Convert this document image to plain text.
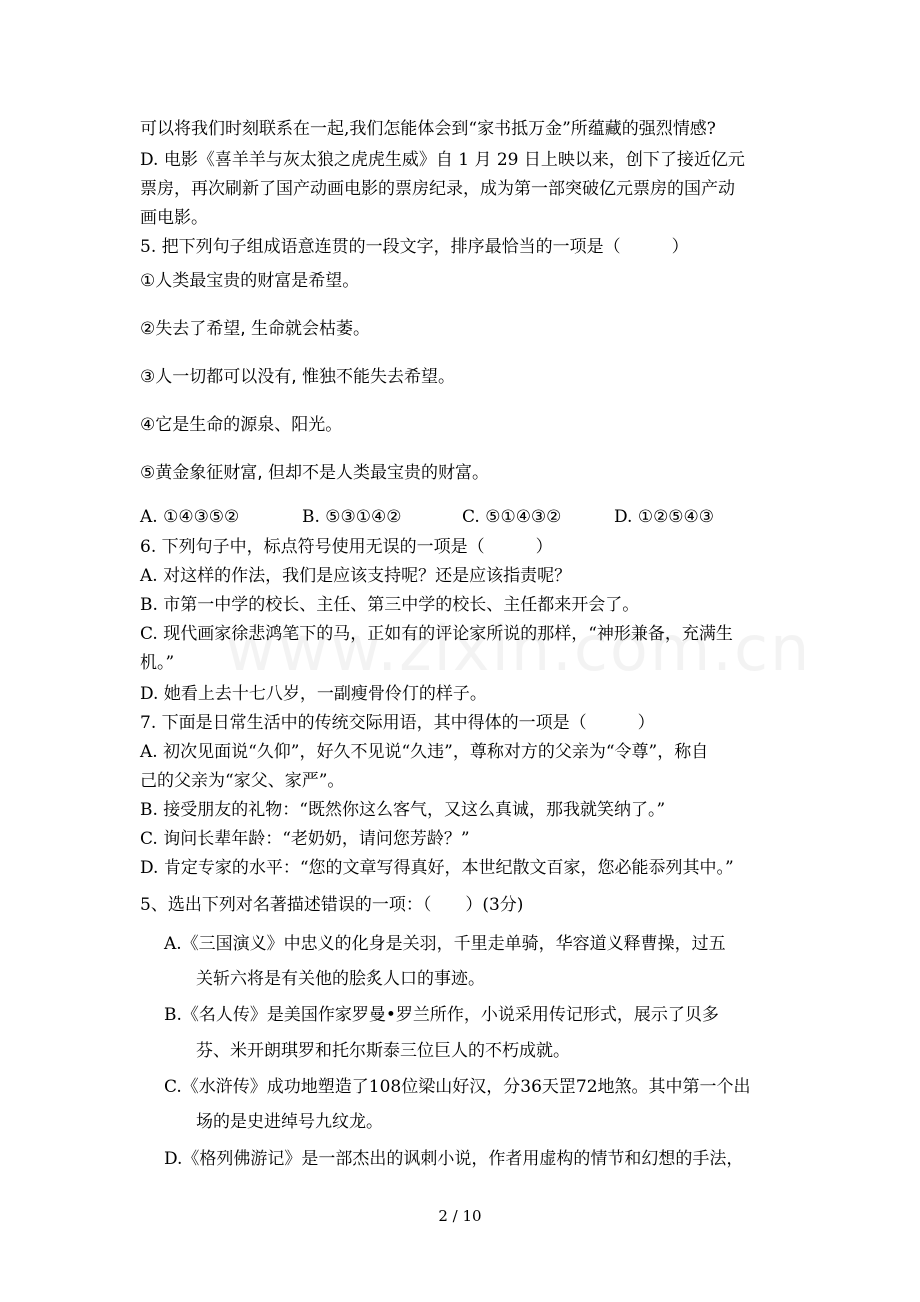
可以将我们时刻联系在一起,我们怎能体会到“家书抵万金”所蕴藏的强烈情感?
D. 电影《喜羊羊与灰太狼之虎虎生威》自 1 月 29 日上映以来，创下了接近亿元
票房，再次刷新了国产动画电影的票房纪录，成为第一部突破亿元票房的国产动
画电影。
5. 把下列句子组成语意连贯的一段文字，排序最恰当的一项是（　　　）
①人类最宝贵的财富是希望。
②失去了希望, 生命就会枯萎。
③人一切都可以没有, 惟独不能失去希望。
④它是生命的源泉、阳光。
⑤黄金象征财富, 但却不是人类最宝贵的财富。
A. ①④③⑤②	B. ⑤③①④②	C. ⑤①④③②	D. ①②⑤④③
6. 下列句子中，标点符号使用无误的一项是（　　　）
A. 对这样的作法，我们是应该支持呢？还是应该指责呢？
B. 市第一中学的校长、主任、第三中学的校长、主任都来开会了。
C. 现代画家徐悲鸿笔下的马，正如有的评论家所说的那样，“神形兼备，充满生
机。”
D. 她看上去十七八岁，一副瘦骨伶仃的样子。
7. 下面是日常生活中的传统交际用语，其中得体的一项是（　　　）
A. 初次见面说“久仰”，好久不见说“久违”，尊称对方的父亲为“令尊”，称自
己的父亲为“家父、家严”。
B. 接受朋友的礼物：“既然你这么客气，又这么真诚，那我就笑纳了。”
C. 询问长辈年龄：“老奶奶，请问您芳龄？”
D. 肯定专家的水平：“您的文章写得真好，本世纪散文百家，您必能忝列其中。”
5、选出下列对名著描述错误的一项：（　　）(3分)
A.《三国演义》中忠义的化身是关羽，千里走单骑，华容道义释曹操，过五
关斩六将是有关他的脍炙人口的事迹。
B.《名人传》是美国作家罗曼•罗兰所作，小说采用传记形式，展示了贝多
芬、米开朗琪罗和托尔斯泰三位巨人的不朽成就。
C.《水浒传》成功地塑造了108位梁山好汉，分36天罡72地煞。其中第一个出
场的是史进绰号九纹龙。
D.《格列佛游记》是一部杰出的讽刺小说，作者用虚构的情节和幻想的手法，
2 / 10
